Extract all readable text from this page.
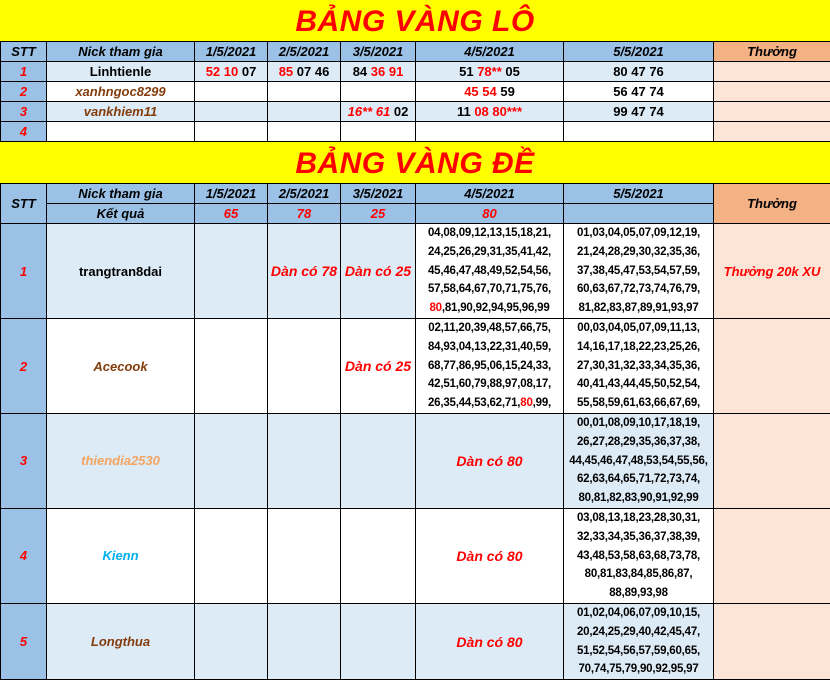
BẢNG VÀNG LÔ
STT	Nick tham gia	1/5/2021	2/5/2021	3/5/2021	4/5/2021	5/5/2021	Thưởng
1	Linhtienle	52 10 07	85 07 46	84 36 91	51 78** 05	80 47 76	
2	xanhngoc8299				45 54 59	56 47 74	
3	vankhiem11			16** 61 02	11 08 80***	99 47 74	
4							
BẢNG VÀNG ĐỀ
STT	Nick tham gia	1/5/2021	2/5/2021	3/5/2021	4/5/2021	5/5/2021	Thưởng
	Kết quả	65	78	25	80		
1	trangtran8dai		Dàn có 78	Dàn có 25	04,08,09,12,13,15,18,21, 24,25,26,29,31,35,41,42, 45,46,47,48,49,52,54,56, 57,58,64,67,70,71,75,76, 80,81,90,92,94,95,96,99	01,03,04,05,07,09,12,19, 21,24,28,29,30,32,35,36, 37,38,45,47,53,54,57,59, 60,63,67,72,73,74,76,79, 81,82,83,87,89,91,93,97	Thưởng 20k XU
2	Acecook			Dàn có 25	02,11,20,39,48,57,66,75, 84,93,04,13,22,31,40,59, 68,77,86,95,06,15,24,33, 42,51,60,79,88,97,08,17, 26,35,44,53,62,71,80,99,	00,03,04,05,07,09,11,13, 14,16,17,18,22,23,25,26, 27,30,31,32,33,34,35,36, 40,41,43,44,45,50,52,54, 55,58,59,61,63,66,67,69,	
3	thiendia2530				Dàn có 80	00,01,08,09,10,17,18,19, 26,27,28,29,35,36,37,38, 44,45,46,47,48,53,54,55,56, 62,63,64,65,71,72,73,74, 80,81,82,83,90,91,92,99	
4	Kienn				Dàn có 80	03,08,13,18,23,28,30,31, 32,33,34,35,36,37,38,39, 43,48,53,58,63,68,73,78, 80,81,83,84,85,86,87, 88,89,93,98	
5	Longthua				Dàn có 80	01,02,04,06,07,09,10,15, 20,24,25,29,40,42,45,47, 51,52,54,56,57,59,60,65, 70,74,75,79,90,92,95,97	
